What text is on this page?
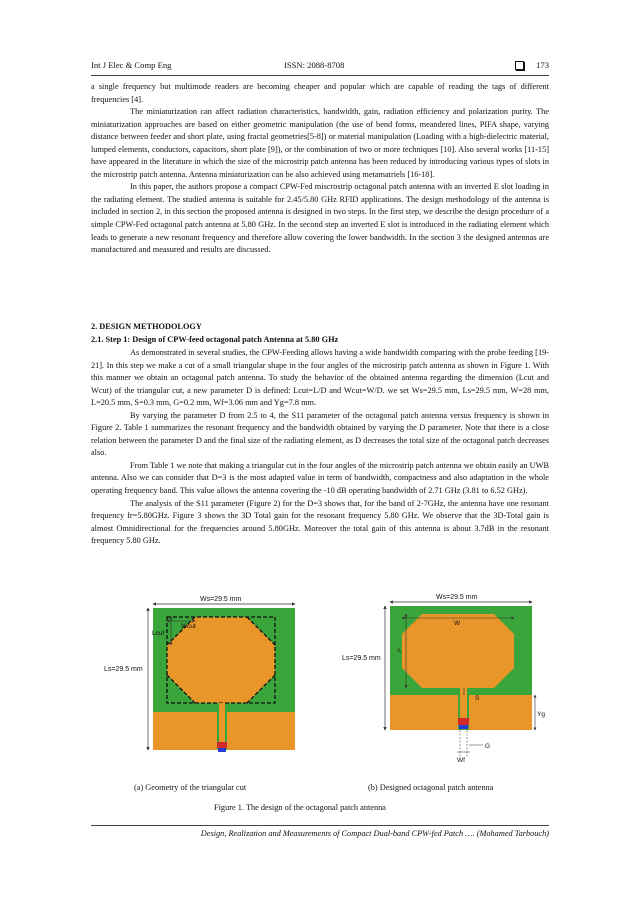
Int J Elec & Comp Eng	ISSN: 2088-8708	173

a single frequency but multimode readers are becoming cheaper and popular which are capable of reading the tags of different frequencies [4].

The miniaturization can affect radiation characteristics, bandwidth, gain, radiation efficiency and polarization purity. The miniaturization approaches are based on either geometric manipulation (the use of bend forms, meandered lines, PIFA shape, varying distance between feeder and short plate, using fractal geometries[5-8]) or material manipulation (Loading with a high-dielectric material, lumped elements, conductors, capacitors, short plate [9]), or the combination of two or more techniques [10]. Also several works [11-15] have appeared in the literature in which the size of the microstrip patch antenna has been reduced by introducing various types of slots in the microstrip patch antenna. Antenna miniaturization can be also achieved using metamatriels [16-18].

In this paper, the authors propose a compact CPW-Fed miscrostrip octagonal patch antenna with an inverted E slot loading in the radiating element. The studied antenna is suitable for 2.45/5.80 GHz RFID applications. The design methodology of the antenna is included in section 2, in this section the proposed antenna is designed in two steps. In the first step, we describe the design procedure of a simple CPW-Fed octagonal patch antenna at 5.80 GHz. In the second step an inverted E slot is introduced in the radiating element which leads to generate a new resonant frequency and therefore allow covering the lower bandwidth. In the section 3 the designed antennas are manufactured and measured and results are discussed.

2. DESIGN METHODOLOGY
2.1. Step 1: Design of CPW-feed octagonal patch Antenna at 5.80 GHz

As demonstrated in several studies, the CPW-Feeding allows having a wide bandwidth comparing with the probe feeding [19-21]. In this step we make a cut of a small triangular shape in the four angles of the microstrip patch antenna as shown in Figure 1. With this manner we obtain an octagonal patch antenna. To study the behavior of the obtained antenna regarding the dimension (Lcut and Wcut) of the triangular cut, a new parameter D is defined: Lcut=L/D and Wcut=W/D. we set Ws=29.5 mm, Ls=29.5 mm, W=28 mm, L=20.5 mm, S=0.3 mm, G=0.2 mm, Wf=3.06 mm and Yg=7.8 mm.

By varying the parameter D from 2.5 to 4, the S11 parameter of the octagonal patch antenna versus frequency is shown in Figure 2. Table 1 summarizes the resonant frequency and the bandwidth obtained by varying the D parameter. Note that there is a close relation between the parameter D and the final size of the radiating element, as D decreases the total size of the octagonal patch decreases also.

From Table 1 we note that making a triangular cut in the four angles of the microstrip patch antenna we obtain easily an UWB antenna. Also we can consider that D=3 is the most adapted value in term of bandwidth, compactness and also adaptation in the whole operating frequency band. This value allows the antenna covering the -10 dB operating bandwidth of 2.71 GHz (3.81 to 6.52 GHz).

The analysis of the S11 parameter (Figure 2) for the D=3 shows that, for the band of 2-7GHz, the antenna have one resonant frequency fr=5.80GHz. Figure 3 shows the 3D Total gain for the resonant frequency 5.80 GHz. We observe that the 3D-Total gain is almost Omnidirectional for the frequencies around 5.80GHz. Moreover the total gain of this antenna is about 3.7dB in the resonant frequency 5.80 GHz.

Ws=29.5 mm
Ls=29.5 mm
Wcut
Lcut
Ws=29.5 mm
Ls=29.5 mm
W
L
S
Yg
Wf
G
(a) Geometry of the triangular cut	(b) Designed octagonal patch antenna
Figure 1. The design of the octagonal patch antenna
Design, Realization and Measurements of Compact Dual-band CPW-fed Patch …. (Mohamed Tarbouch)
